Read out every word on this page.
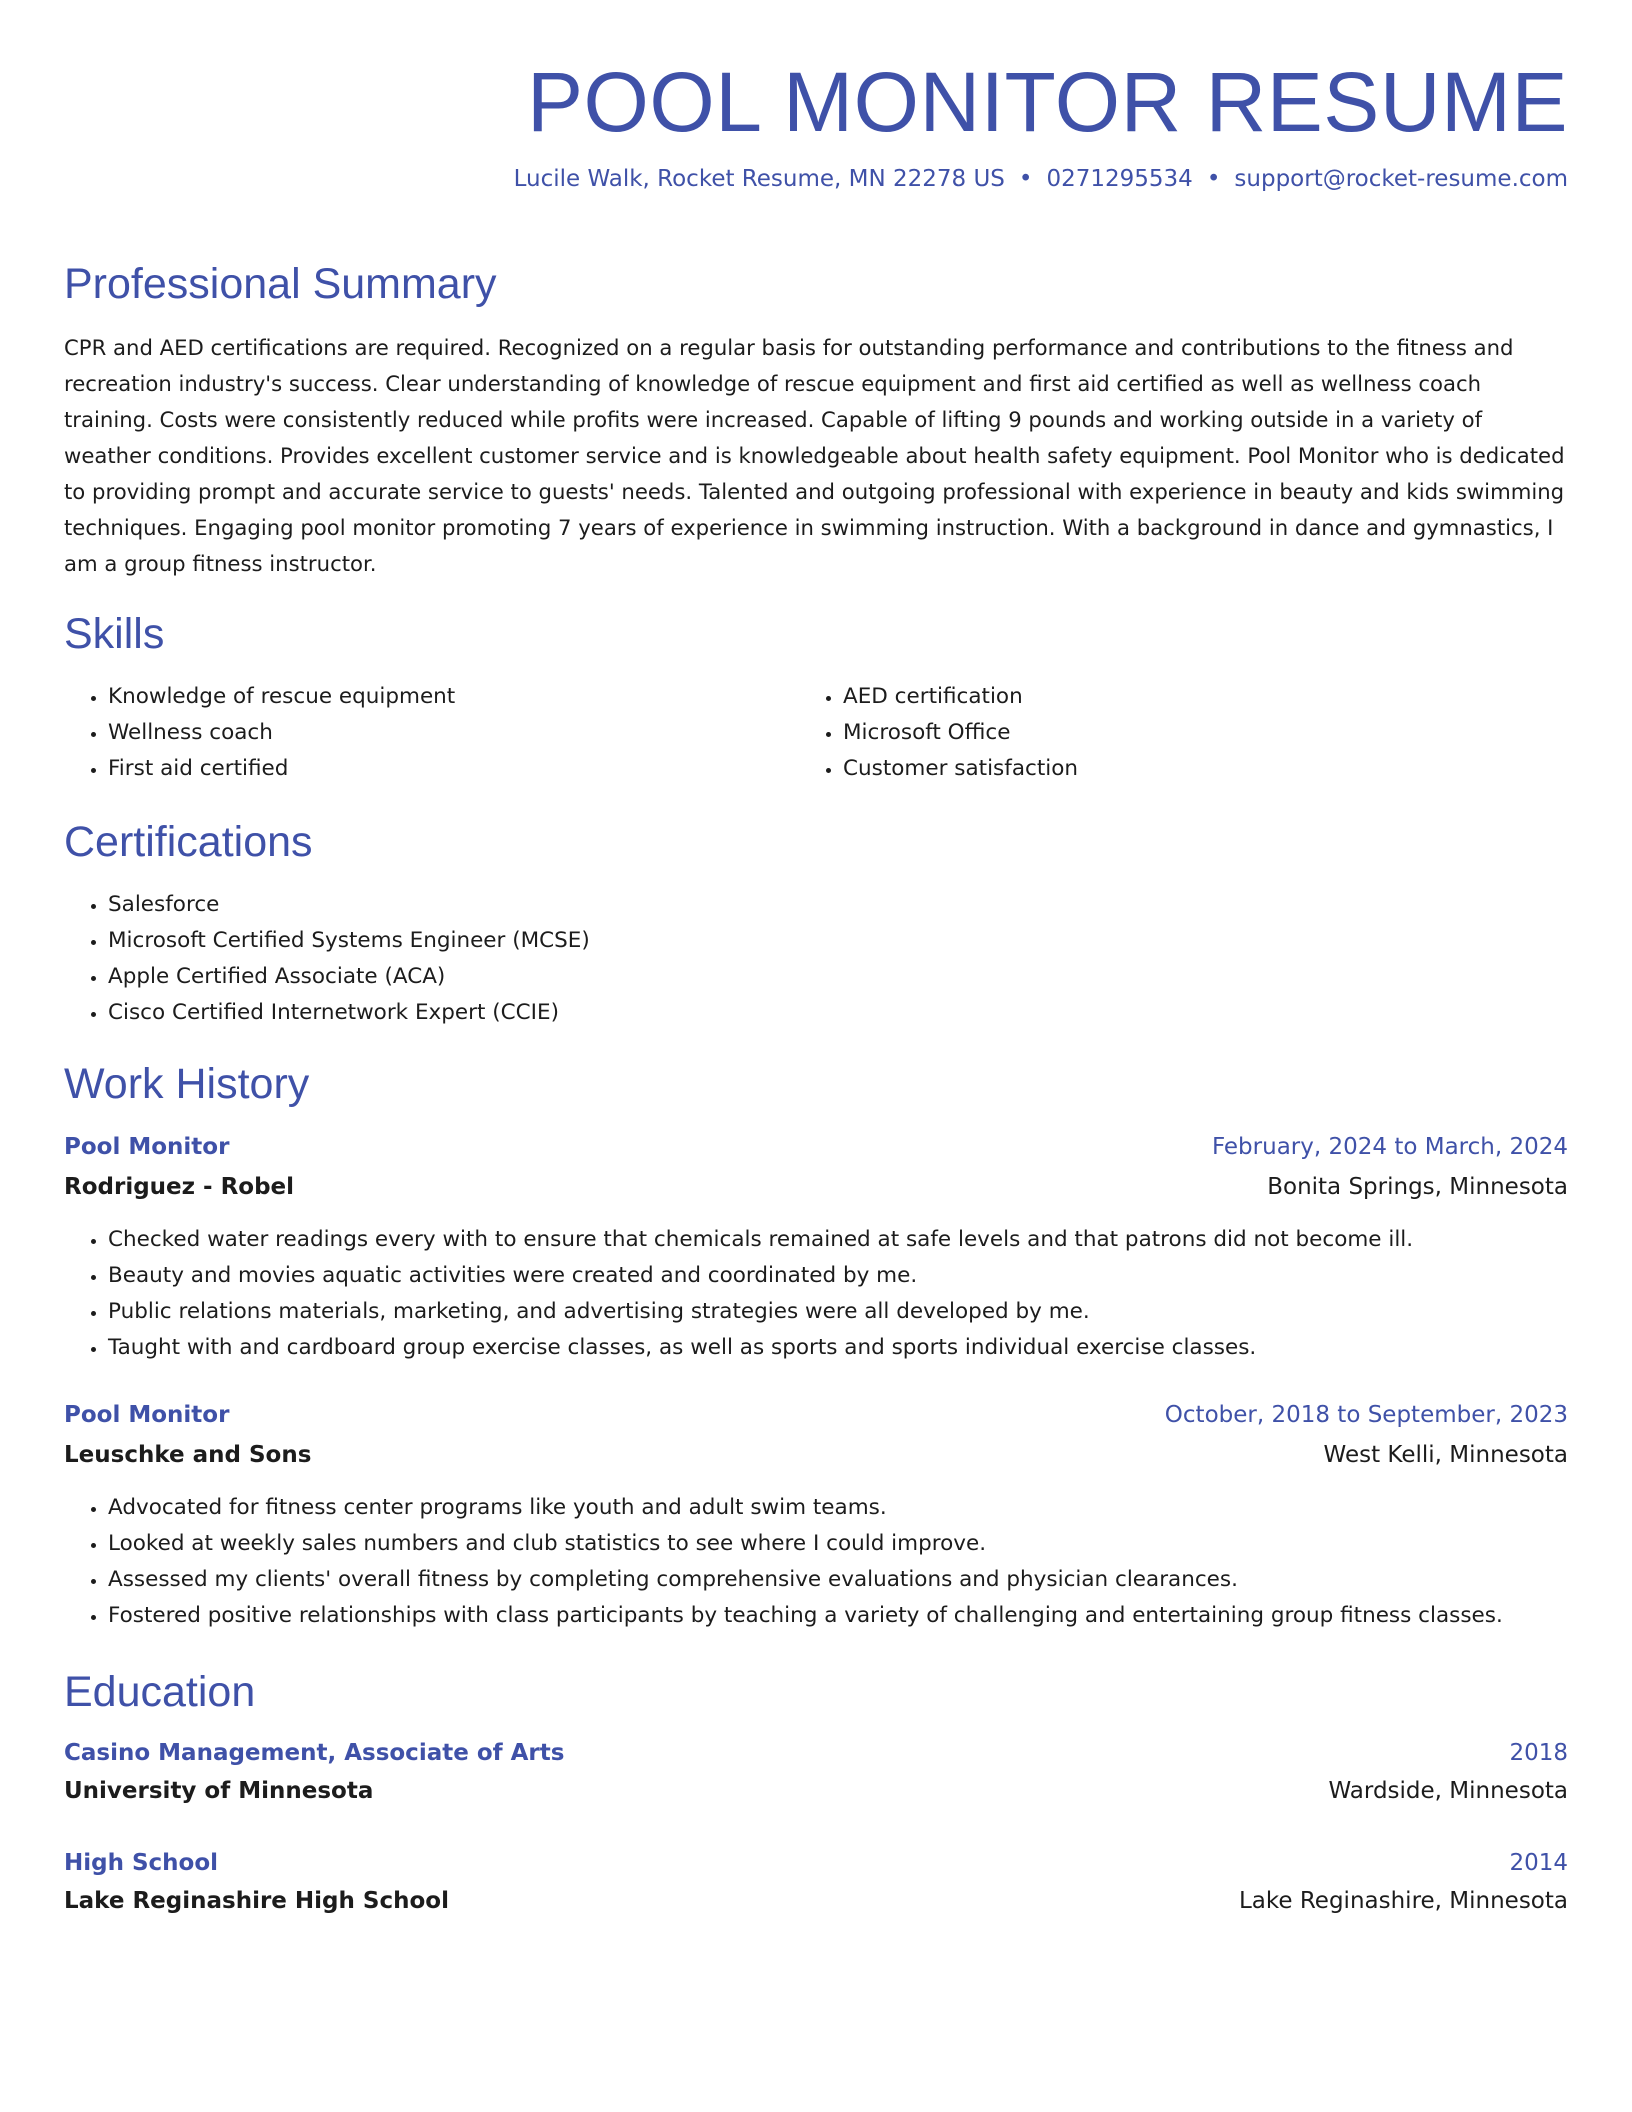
POOL MONITOR RESUME

Lucile Walk, Rocket Resume, MN 22278 US • 0271295534 • support@rocket-resume.com

Professional Summary

CPR and AED certifications are required. Recognized on a regular basis for outstanding performance and contributions to the fitness and recreation industry's success. Clear understanding of knowledge of rescue equipment and first aid certified as well as wellness coach training. Costs were consistently reduced while profits were increased. Capable of lifting 9 pounds and working outside in a variety of weather conditions. Provides excellent customer service and is knowledgeable about health safety equipment. Pool Monitor who is dedicated to providing prompt and accurate service to guests' needs. Talented and outgoing professional with experience in beauty and kids swimming techniques. Engaging pool monitor promoting 7 years of experience in swimming instruction. With a background in dance and gymnastics, I am a group fitness instructor.

Skills
• Knowledge of rescue equipment
• Wellness coach
• First aid certified
• AED certification
• Microsoft Office
• Customer satisfaction
Certifications
• Salesforce
• Microsoft Certified Systems Engineer (MCSE)
• Apple Certified Associate (ACA)
• Cisco Certified Internetwork Expert (CCIE)
Work History
Pool Monitor	February, 2024 to March, 2024
Rodriguez - Robel	Bonita Springs, Minnesota
• Checked water readings every with to ensure that chemicals remained at safe levels and that patrons did not become ill.
• Beauty and movies aquatic activities were created and coordinated by me.
• Public relations materials, marketing, and advertising strategies were all developed by me.
• Taught with and cardboard group exercise classes, as well as sports and sports individual exercise classes.
Pool Monitor	October, 2018 to September, 2023
Leuschke and Sons	West Kelli, Minnesota
• Advocated for fitness center programs like youth and adult swim teams.
• Looked at weekly sales numbers and club statistics to see where I could improve.
• Assessed my clients' overall fitness by completing comprehensive evaluations and physician clearances.
• Fostered positive relationships with class participants by teaching a variety of challenging and entertaining group fitness classes.
Education
Casino Management, Associate of Arts	2018
University of Minnesota	Wardside, Minnesota
High School	2014
Lake Reginashire High School	Lake Reginashire, Minnesota
